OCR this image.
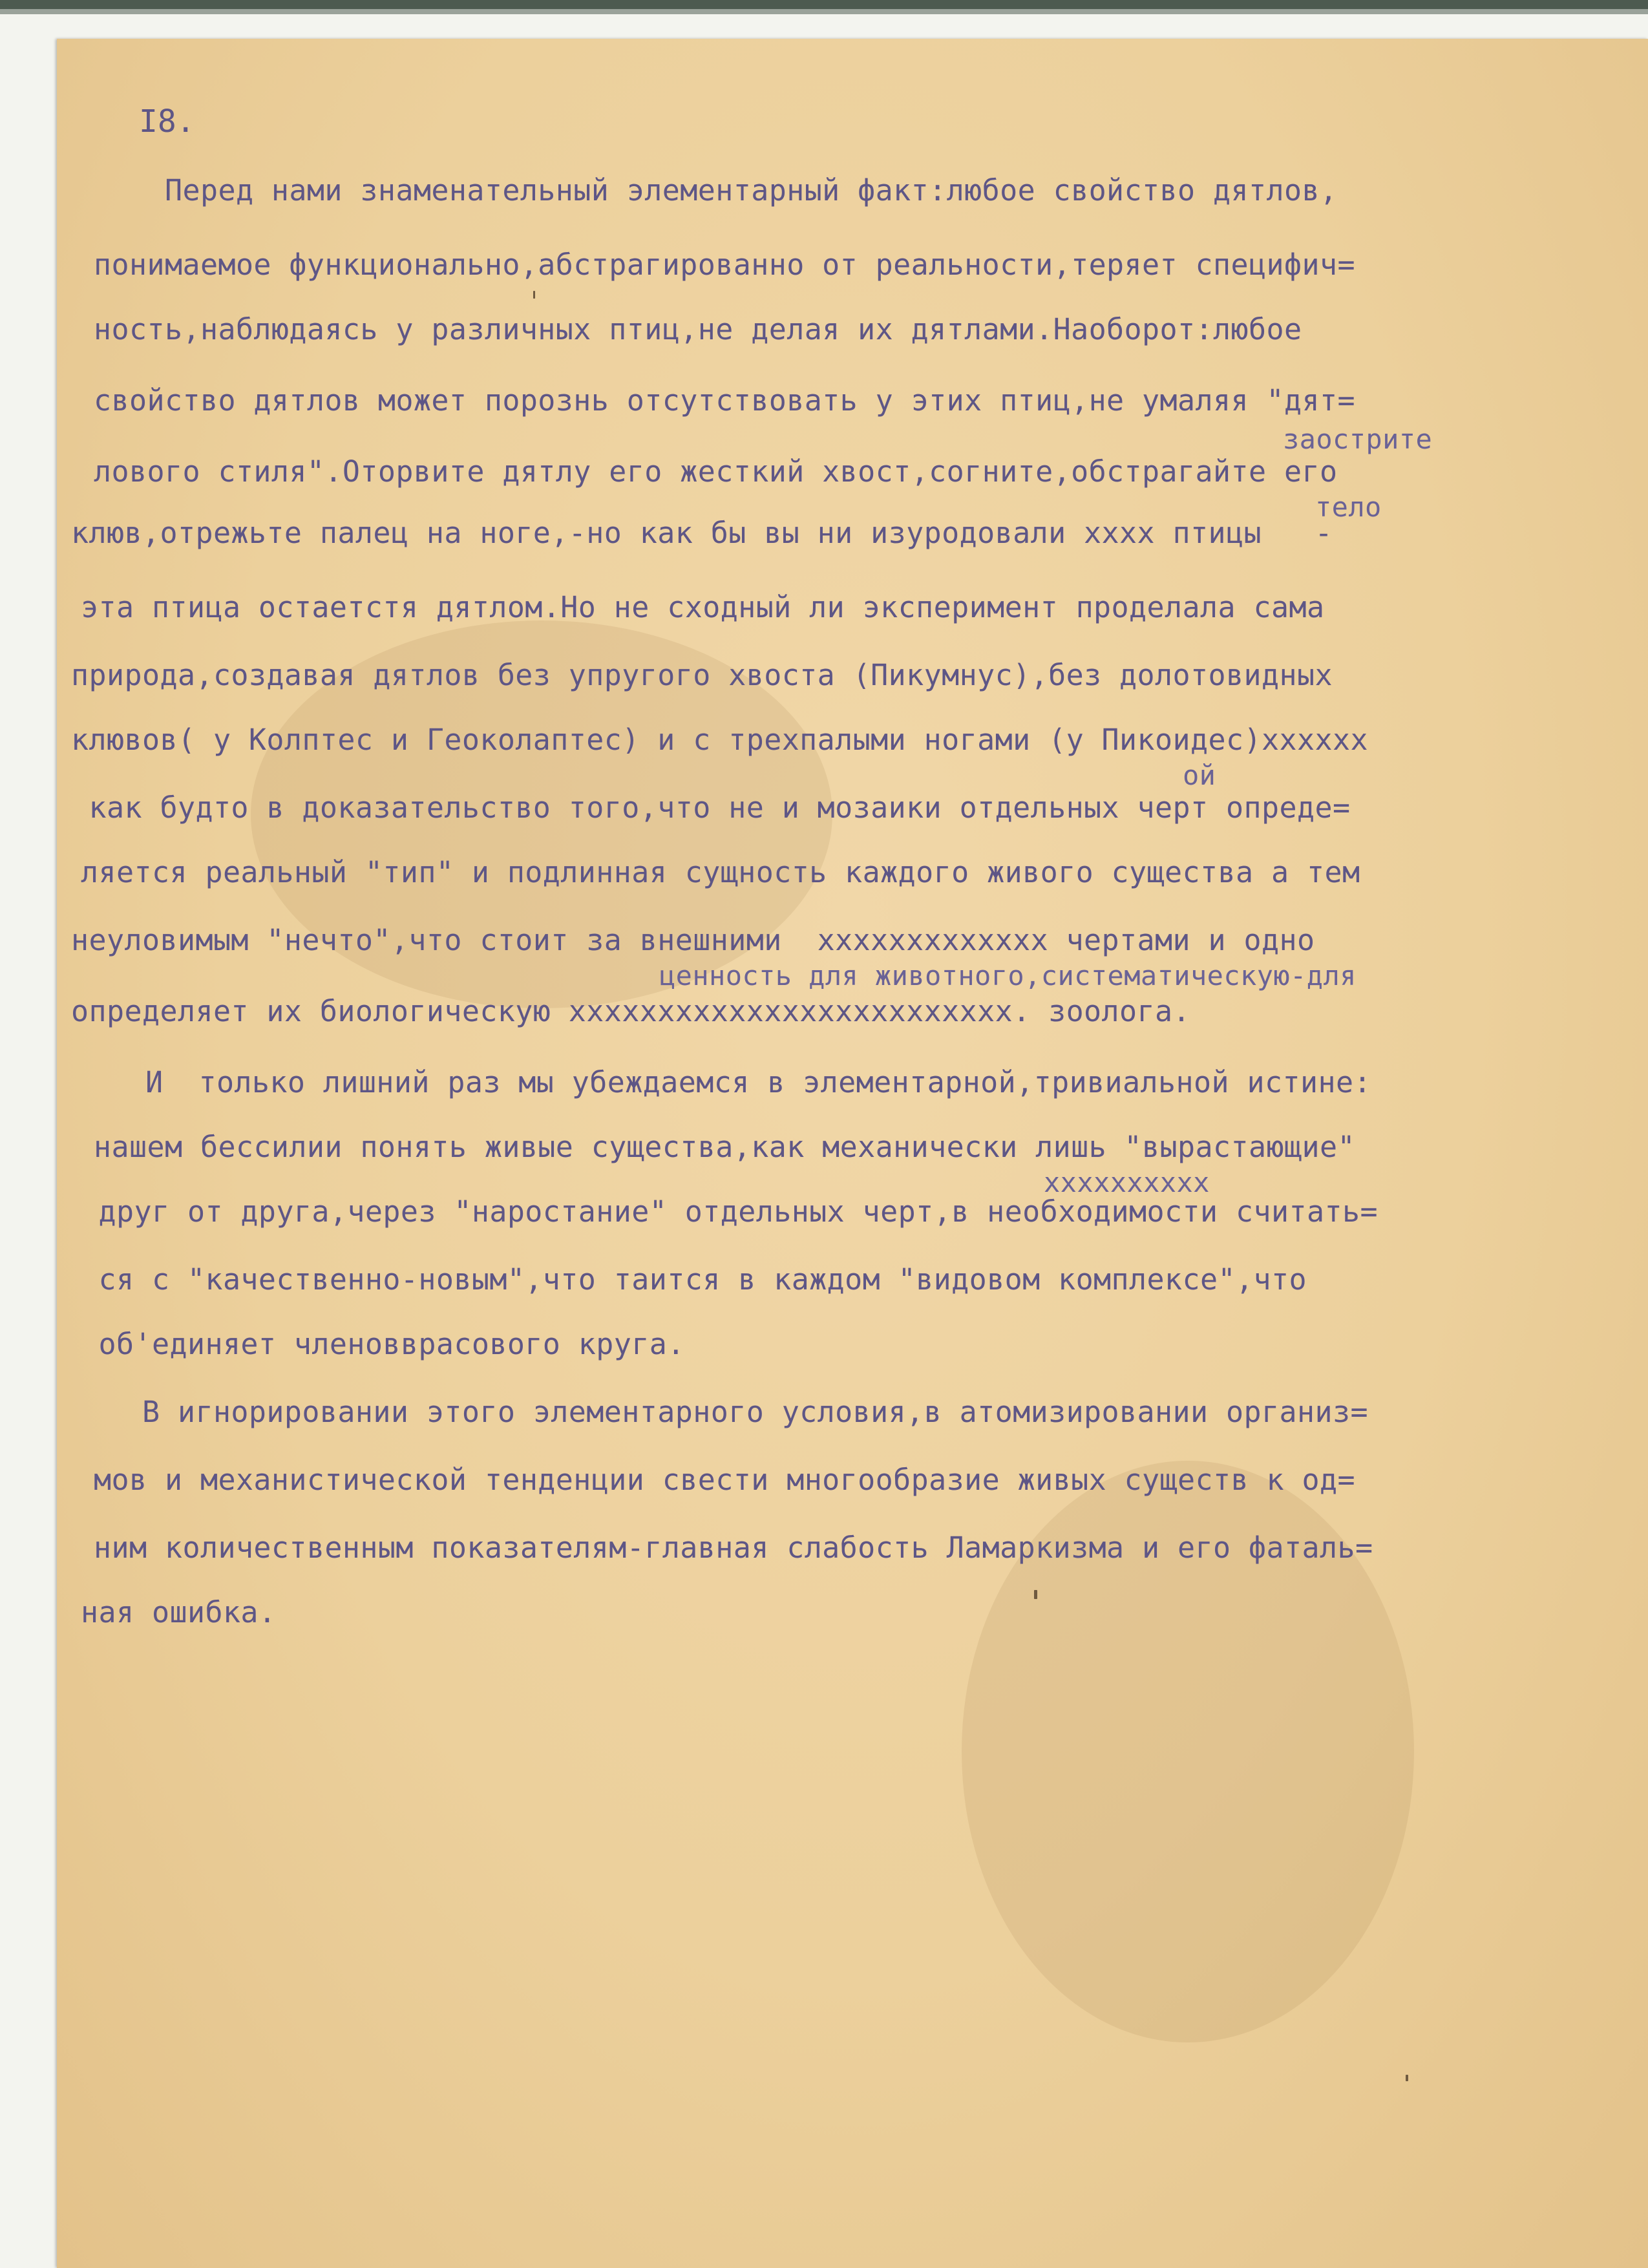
I8.
Перед нами знаменательный элементарный факт:любое свойство дятлов,
понимаемое функционально,абстрагированно от реальности,теряет специфич=
ность,наблюдаясь у различных птиц,не делая их дятлами.Наоборот:любое
свойство дятлов может порознь отсутствовать у этих птиц,не умаляя "дят=
заострите
лового стиля".Оторвите дятлу его жесткий хвост,согните,обстрагайте его
тело
клюв,отрежьте палец на ноге,-но как бы вы ни изуродовали хххх птицы   -
эта птица остаетстя дятлом.Но не сходный ли эксперимент проделала сама
природа,создавая дятлов без упругого хвоста (Пикумнус),без долотовидных
клювов( у Колптес и Геоколаптес) и с трехпалыми ногами (у Пикоидес)хххххх
ой
как будто в доказательство того,что не и мозаики отдельных черт опреде=
ляется реальный "тип" и подлинная сущность каждого живого существа а тем
неуловимым "нечто",что стоит за внешними  ххххххххххххх чертами и одно
ценность для животного,систематическую-для
определяет их биологическую ххххххххххххххххххххххххх. зоолога.
И  только лишний раз мы убеждаемся в элементарной,тривиальной истине:
нашем бессилии понять живые существа,как механически лишь "вырастающие"
хххххххххх
друг от друга,через "наростание" отдельных черт,в необходимости считать=
ся с "качественно-новым",что таится в каждом "видовом комплексе",что
об'единяет членовврасового круга.
В игнорировании этого элементарного условия,в атомизировании организ=
мов и механистической тенденции свести многообразие живых существ к од=
ним количественным показателям-главная слабость Ламаркизма и его фаталь=
ная ошибка.
